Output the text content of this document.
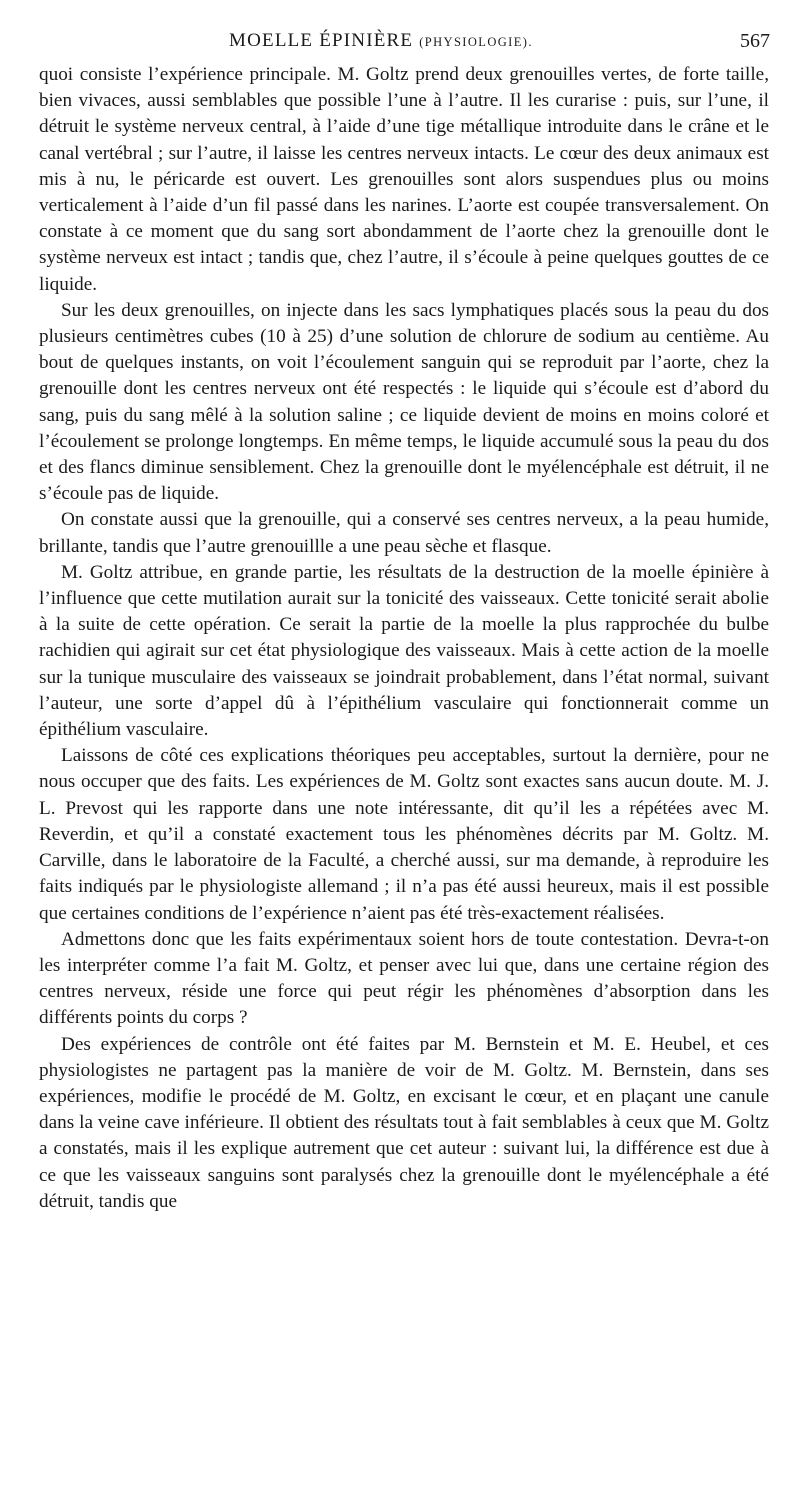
MOELLE ÉPINIÈRE (PHYSIOLOGIE).	567

quoi consiste l’expérience principale. M. Goltz prend deux grenouilles vertes, de forte taille, bien vivaces, aussi semblables que possible l’une à l’autre. Il les curarise : puis, sur l’une, il détruit le système nerveux central, à l’aide d’une tige métallique introduite dans le crâne et le canal vertébral ; sur l’autre, il laisse les centres nerveux intacts. Le cœur des deux animaux est mis à nu, le péricarde est ouvert. Les grenouilles sont alors suspendues plus ou moins verticalement à l’aide d’un fil passé dans les narines. L’aorte est coupée transversalement. On constate à ce moment que du sang sort abondamment de l’aorte chez la grenouille dont le système nerveux est intact ; tandis que, chez l’autre, il s’écoule à peine quelques gouttes de ce liquide.

Sur les deux grenouilles, on injecte dans les sacs lymphatiques placés sous la peau du dos plusieurs centimètres cubes (10 à 25) d’une solution de chlorure de sodium au centième. Au bout de quelques instants, on voit l’écoulement sanguin qui se reproduit par l’aorte, chez la grenouille dont les centres nerveux ont été respectés : le liquide qui s’écoule est d’abord du sang, puis du sang mêlé à la solution saline ; ce liquide devient de moins en moins coloré et l’écoulement se prolonge longtemps. En même temps, le liquide accumulé sous la peau du dos et des flancs diminue sensiblement. Chez la grenouille dont le myélencéphale est détruit, il ne s’écoule pas de liquide.

On constate aussi que la grenouille, qui a conservé ses centres nerveux, a la peau humide, brillante, tandis que l’autre grenouillle a une peau sèche et flasque.

M. Goltz attribue, en grande partie, les résultats de la destruction de la moelle épinière à l’influence que cette mutilation aurait sur la tonicité des vaisseaux. Cette tonicité serait abolie à la suite de cette opération. Ce serait la partie de la moelle la plus rapprochée du bulbe rachidien qui agirait sur cet état physiologique des vaisseaux. Mais à cette action de la moelle sur la tunique musculaire des vaisseaux se joindrait probablement, dans l’état normal, suivant l’auteur, une sorte d’appel dû à l’épithélium vasculaire qui fonctionnerait comme un épithélium vasculaire.

Laissons de côté ces explications théoriques peu acceptables, surtout la dernière, pour ne nous occuper que des faits. Les expériences de M. Goltz sont exactes sans aucun doute. M. J. L. Prevost qui les rapporte dans une note intéressante, dit qu’il les a répétées avec M. Reverdin, et qu’il a constaté exactement tous les phénomènes décrits par M. Goltz. M. Carville, dans le laboratoire de la Faculté, a cherché aussi, sur ma demande, à reproduire les faits indiqués par le physiologiste allemand ; il n’a pas été aussi heureux, mais il est possible que certaines conditions de l’expérience n’aient pas été très-exactement réalisées.

Admettons donc que les faits expérimentaux soient hors de toute contestation. Devra-t-on les interpréter comme l’a fait M. Goltz, et penser avec lui que, dans une certaine région des centres nerveux, réside une force qui peut régir les phénomènes d’absorption dans les différents points du corps ?

Des expériences de contrôle ont été faites par M. Bernstein et M. E. Heubel, et ces physiologistes ne partagent pas la manière de voir de M. Goltz. M. Bernstein, dans ses expériences, modifie le procédé de M. Goltz, en excisant le cœur, et en plaçant une canule dans la veine cave inférieure. Il obtient des résultats tout à fait semblables à ceux que M. Goltz a constatés, mais il les explique autrement que cet auteur : suivant lui, la différence est due à ce que les vaisseaux sanguins sont paralysés chez la grenouille dont le myélencéphale a été détruit, tandis que
